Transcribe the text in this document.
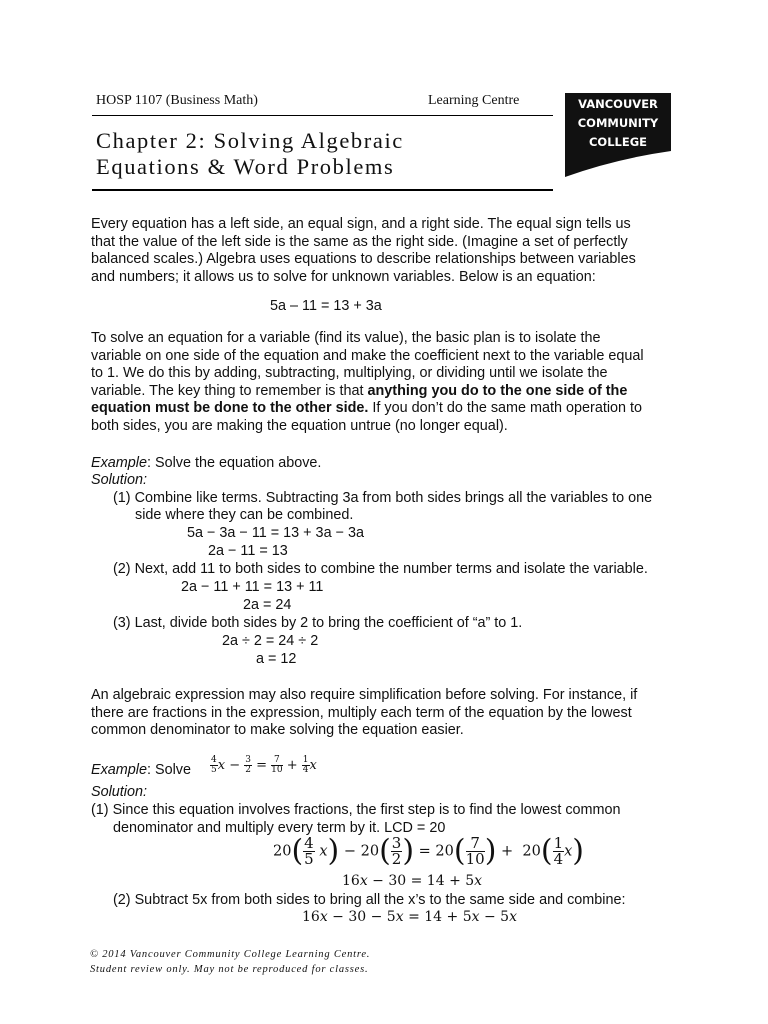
HOSP 1107 (Business Math)	Learning Centre
Chapter 2: Solving Algebraic
Equations & Word Problems
VANCOUVER
COMMUNITY
COLLEGE
Every equation has a left side, an equal sign, and a right side. The equal sign tells us
that the value of the left side is the same as the right side. (Imagine a set of perfectly
balanced scales.) Algebra uses equations to describe relationships between variables
and numbers; it allows us to solve for unknown variables. Below is an equation:
5a – 11 = 13 + 3a
To solve an equation for a variable (find its value), the basic plan is to isolate the
variable on one side of the equation and make the coefficient next to the variable equal
to 1. We do this by adding, subtracting, multiplying, or dividing until we isolate the
variable. The key thing to remember is that anything you do to the one side of the
equation must be done to the other side. If you don’t do the same math operation to
both sides, you are making the equation untrue (no longer equal).
Example: Solve the equation above.
Solution:
(1) Combine like terms. Subtracting 3a from both sides brings all the variables to one
side where they can be combined.
5a − 3a − 11 = 13 + 3a − 3a
2a − 11 = 13
(2) Next, add 11 to both sides to combine the number terms and isolate the variable.
2a − 11 + 11 = 13 + 11
2a = 24
(3) Last, divide both sides by 2 to bring the coefficient of “a” to 1.
2a ÷ 2 = 24 ÷ 2
a = 12
An algebraic expression may also require simplification before solving. For instance, if
there are fractions in the expression, multiply each term of the equation by the lowest
common denominator to make solving the equation easier.
Example: Solve $\frac{4}{5}$ $x - \frac{3}{2} = \frac{7}{10} + \frac{1}{4}$ x
Solution:
(1) Since this equation involves fractions, the first step is to find the lowest common
denominator and multiply every term by it. LCD = 20
$20( \frac{4}{5} x) - 20( \frac{3}{2}$ ) = $20( \frac{7}{10}$ ) +  $20( \frac{1}{4} x)$
16x − 30 = 14 + 5x
(2) Subtract 5x from both sides to bring all the x’s to the same side and combine:
16x − 30 − 5x = 14 + 5x − 5x
© 2014 Vancouver Community College Learning Centre.
Student review only. May not be reproduced for classes.
